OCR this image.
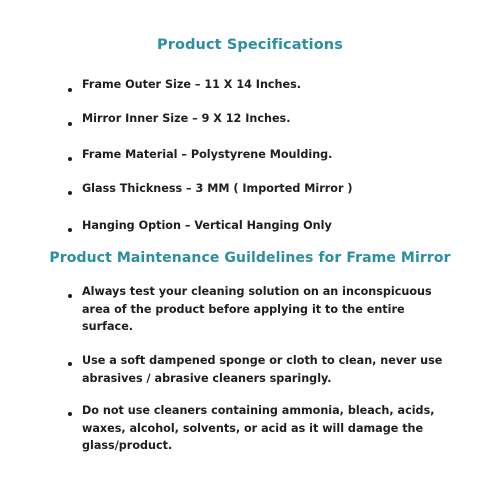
Product Specifications
Frame Outer Size – 11 X 14 Inches.
Mirror Inner Size – 9 X 12 Inches.
Frame Material – Polystyrene Moulding.
Glass Thickness – 3 MM ( Imported Mirror )
Hanging Option – Vertical Hanging Only
Product Maintenance Guildelines for Frame Mirror
Always test your cleaning solution on an inconspicuous area of the product before applying it to the entire surface.
Use a soft dampened sponge or cloth to clean, never use abrasives / abrasive cleaners sparingly.
Do not use cleaners containing ammonia, bleach, acids, waxes, alcohol, solvents, or acid as it will damage the glass/product.
